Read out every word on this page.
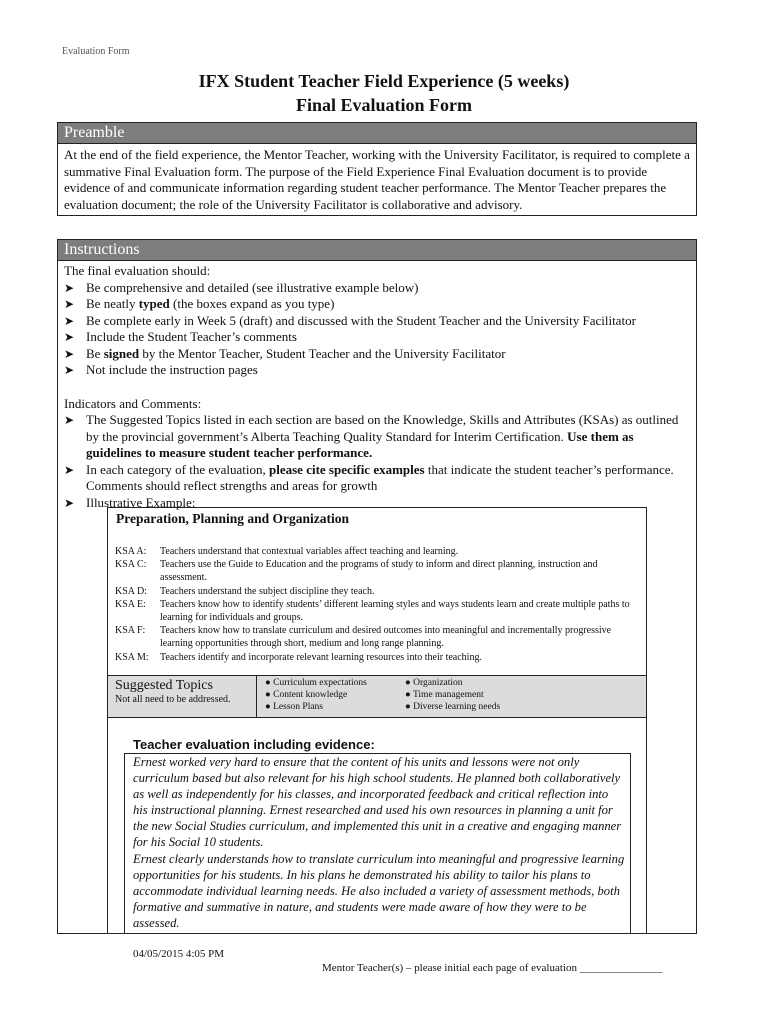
Evaluation Form
IFX Student Teacher Field Experience (5 weeks)
Final Evaluation Form
Preamble
At the end of the field experience, the Mentor Teacher, working with the University Facilitator, is required to complete a summative Final Evaluation form. The purpose of the Field Experience Final Evaluation document is to provide evidence of and communicate information regarding student teacher performance. The Mentor Teacher prepares the evaluation document; the role of the University Facilitator is collaborative and advisory.
Instructions
The final evaluation should:
➤ Be comprehensive and detailed (see illustrative example below)
➤ Be neatly typed (the boxes expand as you type)
➤ Be complete early in Week 5 (draft) and discussed with the Student Teacher and the University Facilitator
➤ Include the Student Teacher’s comments
➤ Be signed by the Mentor Teacher, Student Teacher and the University Facilitator
➤ Not include the instruction pages
Indicators and Comments:
➤ The Suggested Topics listed in each section are based on the Knowledge, Skills and Attributes (KSAs) as outlined by the provincial government’s Alberta Teaching Quality Standard for Interim Certification. Use them as guidelines to measure student teacher performance.
➤ In each category of the evaluation, please cite specific examples that indicate the student teacher’s performance. Comments should reflect strengths and areas for growth
➤ Illustrative Example:
Preparation, Planning and Organization
KSA A:	Teachers understand that contextual variables affect teaching and learning.
KSA C:	Teachers use the Guide to Education and the programs of study to inform and direct planning, instruction and assessment.
KSA D:	Teachers understand the subject discipline they teach.
KSA E:	Teachers know how to identify students’ different learning styles and ways students learn and create multiple paths to learning for individuals and groups.
KSA F:	Teachers know how to translate curriculum and desired outcomes into meaningful and incrementally progressive learning opportunities through short, medium and long range planning.
KSA M:	Teachers identify and incorporate relevant learning resources into their teaching.
Suggested Topics
Not all need to be addressed.
● Curriculum expectations
● Content knowledge
● Lesson Plans
● Organization
● Time management
● Diverse learning needs
Teacher evaluation including evidence:
Ernest worked very hard to ensure that the content of his units and lessons were not only curriculum based but also relevant for his high school students. He planned both collaboratively as well as independently for his classes, and incorporated feedback and critical reflection into his instructional planning. Ernest researched and used his own resources in planning a unit for the new Social Studies curriculum, and implemented this unit in a creative and engaging manner for his Social 10 students.
Ernest clearly understands how to translate curriculum into meaningful and progressive learning opportunities for his students. In his plans he demonstrated his ability to tailor his plans to accommodate individual learning needs. He also included a variety of assessment methods, both formative and summative in nature, and students were made aware of how they were to be assessed.
04/05/2015 4:05 PM
Mentor Teacher(s) – please initial each page of evaluation _______________
